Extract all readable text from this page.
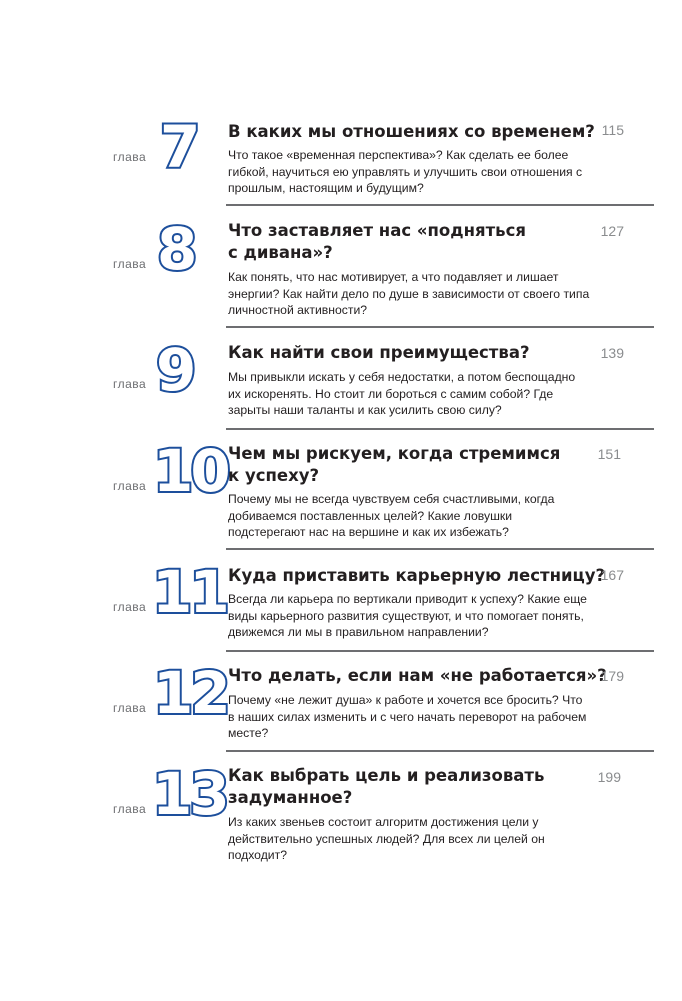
глава 7 В каких мы отношениях со временем? 115
Что такое «временная перспектива»? Как сделать ее более гибкой, научиться ею управлять и улучшить свои отношения с прошлым, настоящим и будущим?
глава 8 Что заставляет нас «подняться с дивана»?
127
Как понять, что нас мотивирует, а что подавляет и лишает энергии? Как найти дело по душе в зависимости от своего типа личностной активности?
глава 9 Как найти свои преимущества?	139
Мы привыкли искать у себя недостатки, а потом беспощадно их искоренять. Но стоит ли бороться с самим собой? Где зарыты наши таланты и как усилить свою силу?
глава 10 Чем мы рискуем, когда стремимся к успеху?
151
Почему мы не всегда чувствуем себя счастливыми, когда добиваемся поставленных целей? Какие ловушки подстерегают нас на вершине и как их избежать?
глава 11 Куда приставить карьерную лестницу?
167
Всегда ли карьера по вертикали приводит к успеху? Какие еще виды карьерного развития существуют, и что помогает понять, движемся ли мы в правильном направлении?
глава 12 Что делать, если нам «не работается»?
179
Почему «не лежит душа» к работе и хочется все бросить? Что в наших силах изменить и с чего начать переворот на рабочем месте?
глава 13 Как выбрать цель и реализовать задуманное?
199
Из каких звеньев состоит алгоритм достижения цели у действительно успешных людей? Для всех ли целей он подходит?
